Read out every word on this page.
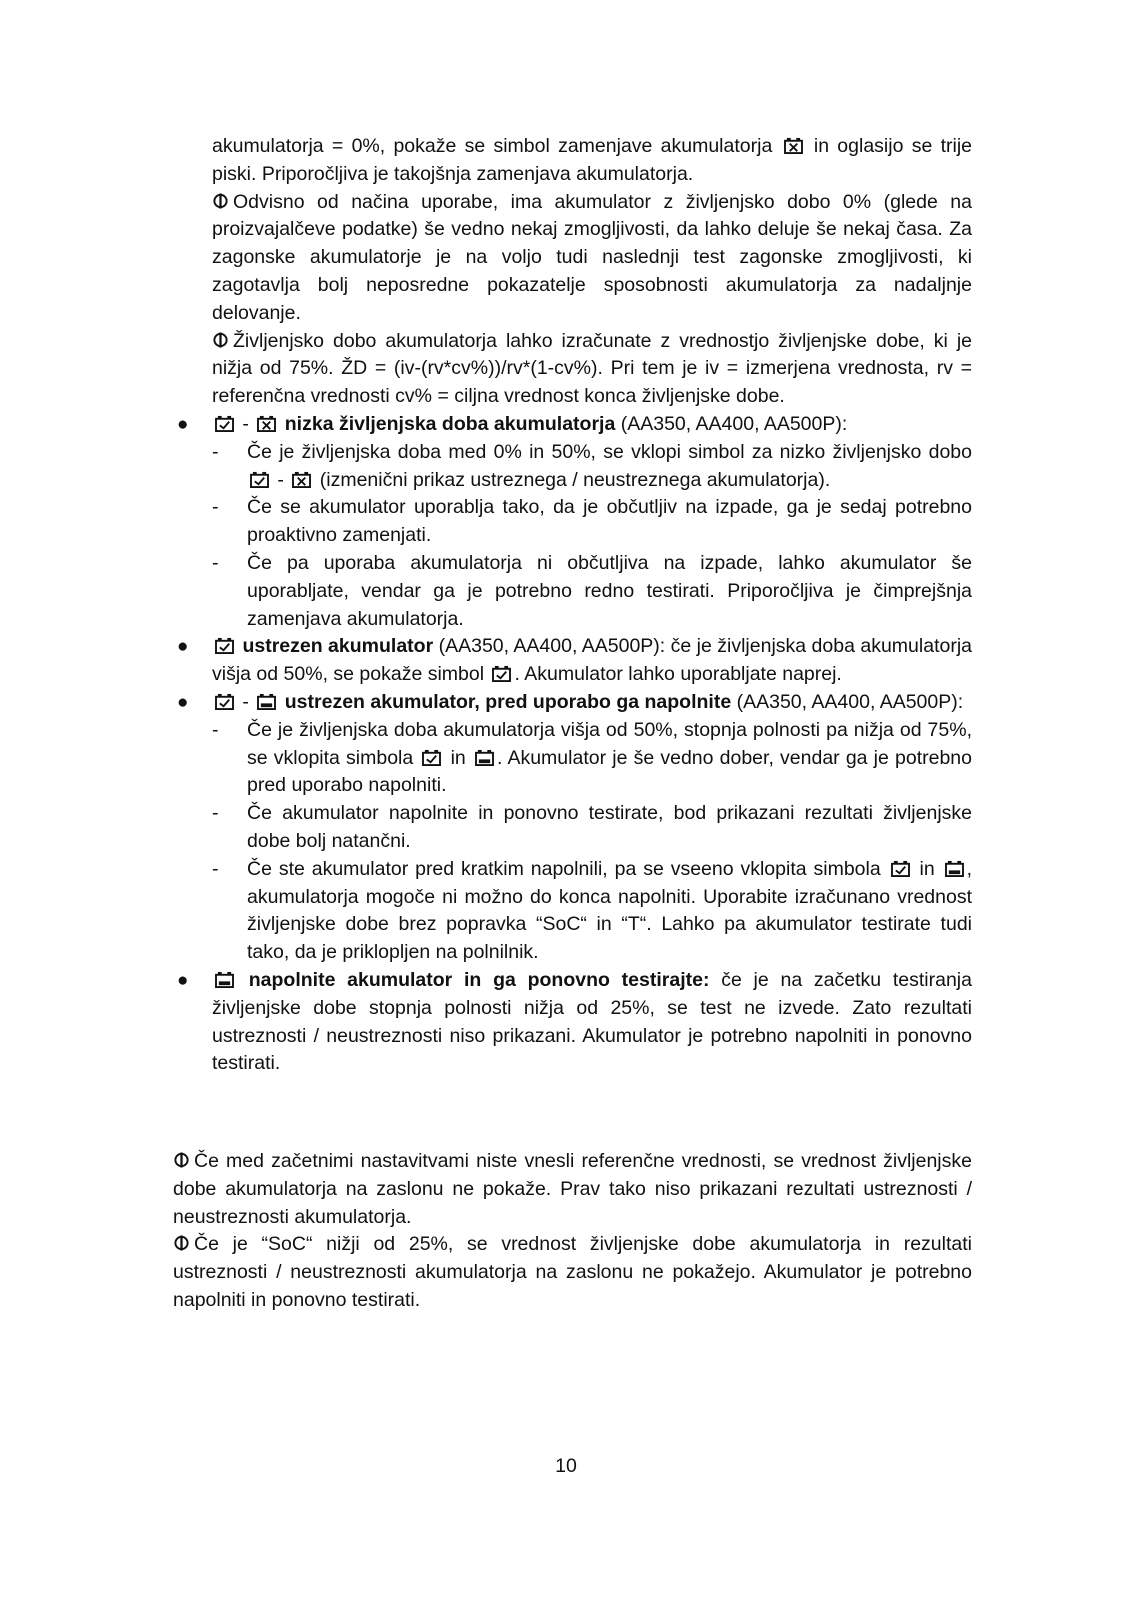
akumulatorja = 0%, pokaže se simbol zamenjave akumulatorja in oglasijo se trije piski. Priporočljiva je takojšnja zamenjava akumulatorja.

Odvisno od načina uporabe, ima akumulator z življenjsko dobo 0% (glede na proizvajalčeve podatke) še vedno nekaj zmogljivosti, da lahko deluje še nekaj časa. Za zagonske akumulatorje je na voljo tudi naslednji test zagonske zmogljivosti, ki zagotavlja bolj neposredne pokazatelje sposobnosti akumulatorja za nadaljnje delovanje.

Življenjsko dobo akumulatorja lahko izračunate z vrednostjo življenjske dobe, ki je nižja od 75%. ŽD = (iv-(rv*cv%))/rv*(1-cv%). Pri tem je iv = izmerjena vrednosta, rv = referenčna vrednosti cv% = ciljna vrednost konca življenjske dobe.

●	- nizka življenjska doba akumulatorja (AA350, AA400, AA500P):

- Če je življenjska doba med 0% in 50%, se vklopi simbol za nizko življenjsko dobo  - (izmenični prikaz ustreznega / neustreznega akumulatorja).

- Če se akumulator uporablja tako, da je občutljiv na izpade, ga je sedaj potrebno proaktivno zamenjati.

- Če pa uporaba akumulatorja ni občutljiva na izpade, lahko akumulator še uporabljate, vendar ga je potrebno redno testirati. Priporočljiva je čimprejšnja zamenjava akumulatorja.

●	ustrezen akumulator (AA350, AA400, AA500P): če je življenjska doba akumulatorja višja od 50%, se pokaže simbol . Akumulator lahko uporabljate naprej.

●	- ustrezen akumulator, pred uporabo ga napolnite (AA350, AA400, AA500P):

- Če je življenjska doba akumulatorja višja od 50%, stopnja polnosti pa nižja od 75%, se vklopita simbola in . Akumulator je še vedno dober, vendar ga je potrebno pred uporabo napolniti.

- Če akumulator napolnite in ponovno testirate, bod prikazani rezultati življenjske dobe bolj natančni.

- Če ste akumulator pred kratkim napolnili, pa se vseeno vklopita simbola in , akumulatorja mogoče ni možno do konca napolniti. Uporabite izračunano vrednost življenjske dobe brez popravka “SoC“ in “T“. Lahko pa akumulator testirate tudi tako, da je priklopljen na polnilnik.

●	napolnite akumulator in ga ponovno testirajte: če je na začetku testiranja življenjske dobe stopnja polnosti nižja od 25%, se test ne izvede. Zato rezultati ustreznosti / neustreznosti niso prikazani. Akumulator je potrebno napolniti in ponovno testirati.

Če med začetnimi nastavitvami niste vnesli referenčne vrednosti, se vrednost življenjske dobe akumulatorja na zaslonu ne pokaže. Prav tako niso prikazani rezultati ustreznosti / neustreznosti akumulatorja.

Če je “SoC“ nižji od 25%, se vrednost življenjske dobe akumulatorja in rezultati ustreznosti / neustreznosti akumulatorja na zaslonu ne pokažejo. Akumulator je potrebno napolniti in ponovno testirati.

10
